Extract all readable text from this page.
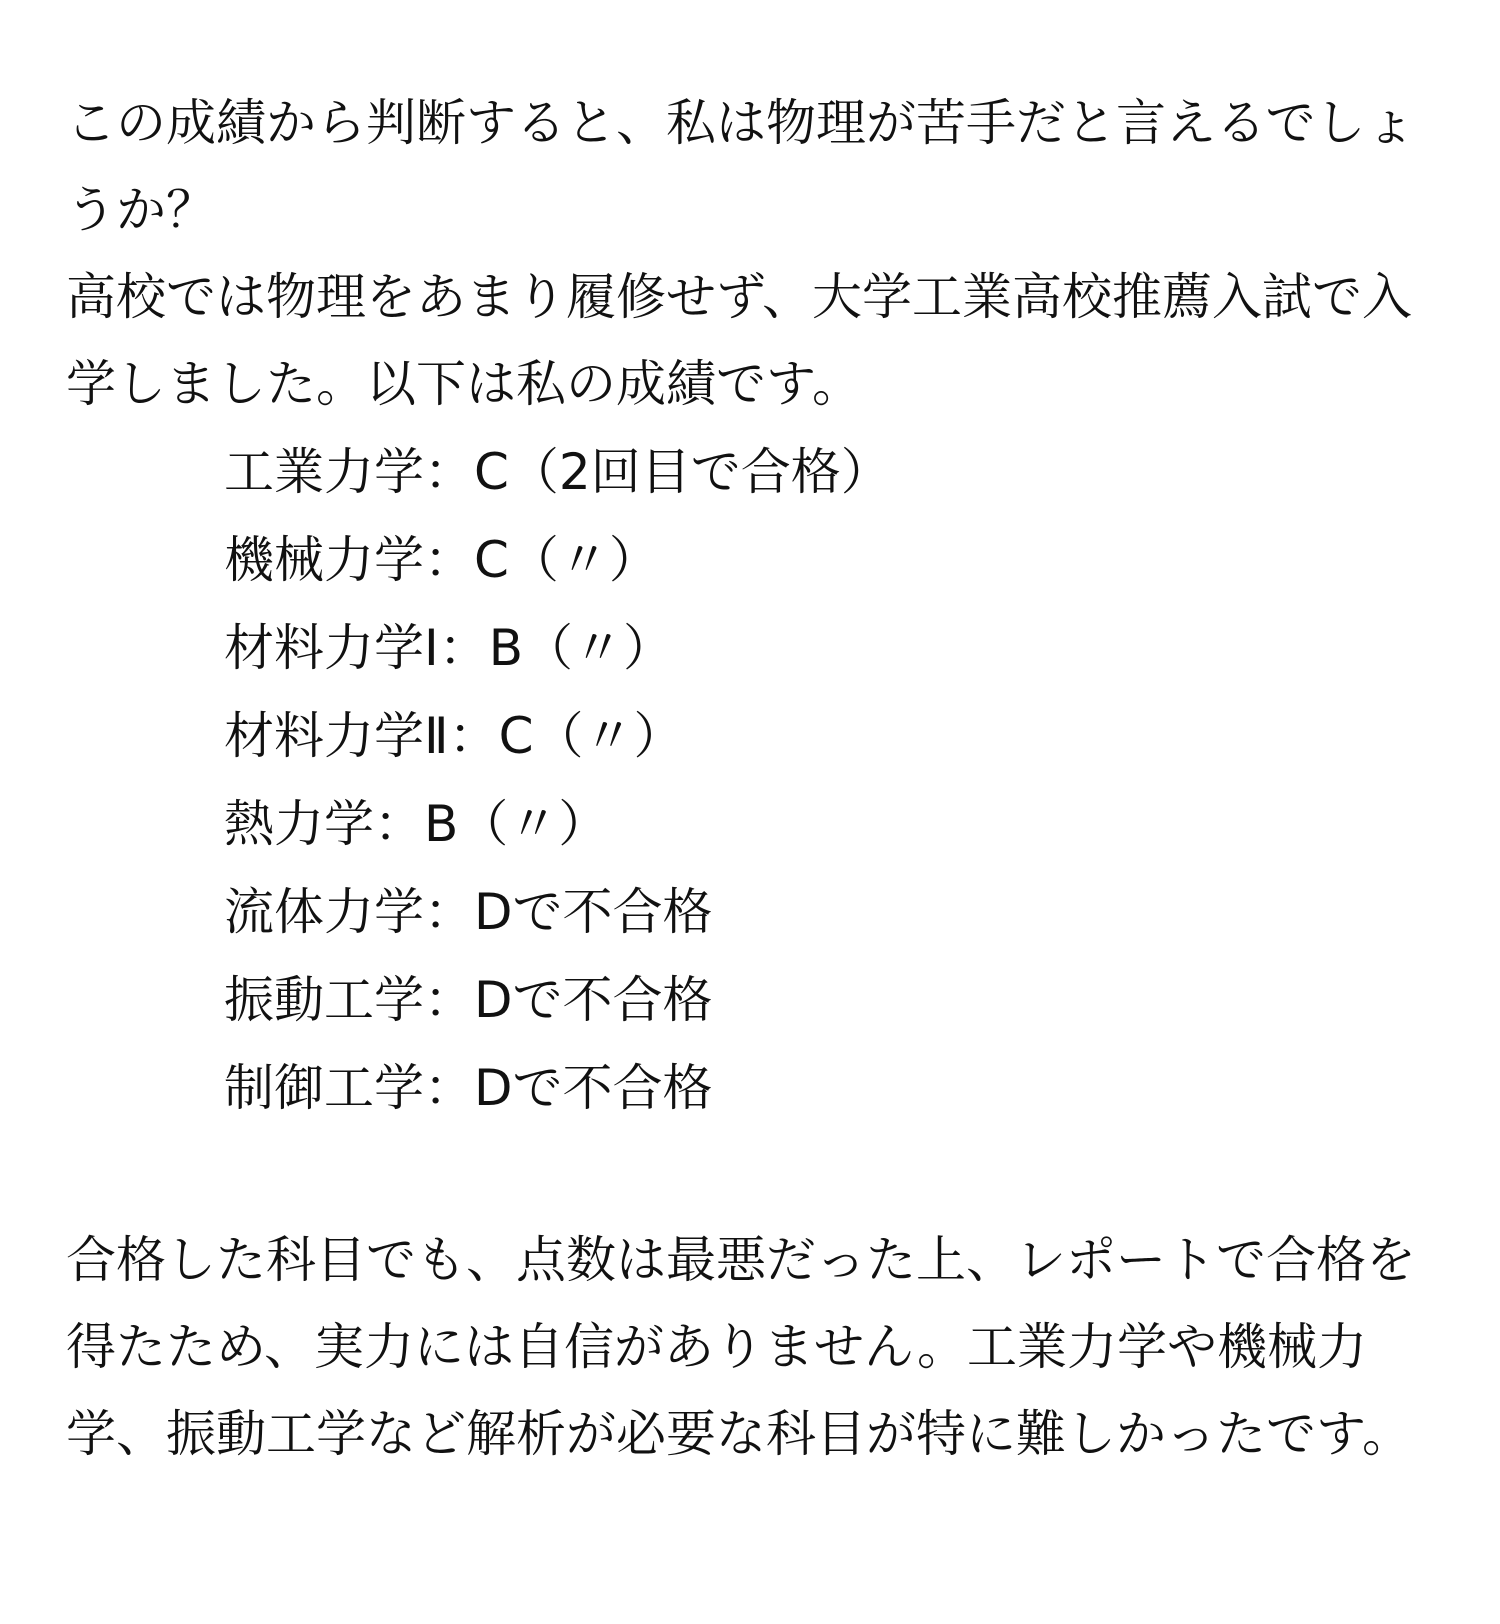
この成績から判断すると、私は物理が苦手だと言えるでしょうか？

高校では物理をあまり履修せず、大学工業高校推薦入試で入学しました。以下は私の成績です。

工業力学：C（2回目で合格）
機械力学：C（〃）
材料力学Ⅰ：B（〃）
材料力学Ⅱ：C（〃）
熱力学：B（〃）
流体力学：Dで不合格
振動工学：Dで不合格
制御工学：Dで不合格

合格した科目でも、点数は最悪だった上、レポートで合格を得たため、実力には自信がありません。工業力学や機械力学、振動工学など解析が必要な科目が特に難しかったです。
